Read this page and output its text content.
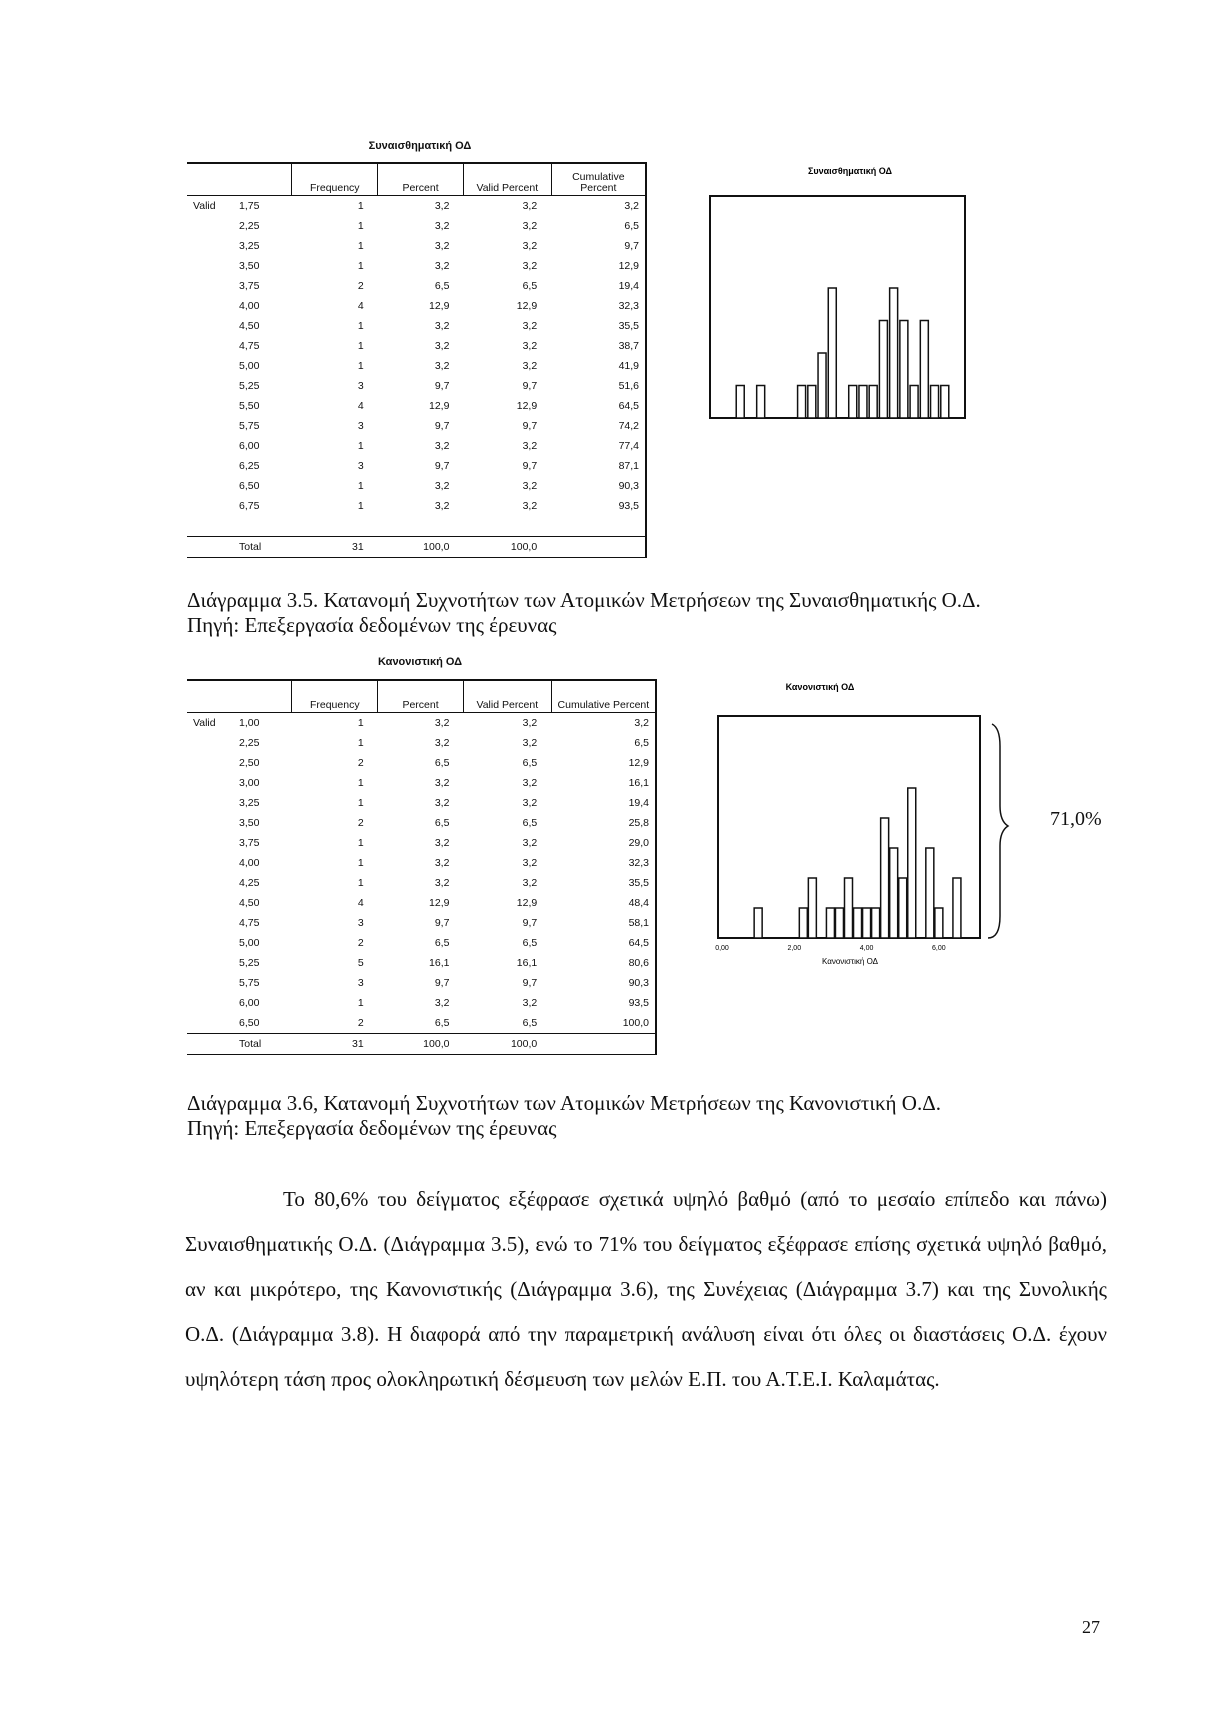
Συναισθηματική ΟΔ
	Frequency	Percent	Valid Percent	Cumulative Percent
Valid 1,75	1	3,2	3,2	3,2
2,25	1	3,2	3,2	6,5
3,25	1	3,2	3,2	9,7
3,50	1	3,2	3,2	12,9
3,75	2	6,5	6,5	19,4
4,00	4	12,9	12,9	32,3
4,50	1	3,2	3,2	35,5
4,75	1	3,2	3,2	38,7
5,00	1	3,2	3,2	41,9
5,25	3	9,7	9,7	51,6
5,50	4	12,9	12,9	64,5
5,75	3	9,7	9,7	74,2
6,00	1	3,2	3,2	77,4
6,25	3	9,7	9,7	87,1
6,50	1	3,2	3,2	90,3
6,75	1	3,2	3,2	93,5

Total	31	100,0	100,0	
Συναισθηματική ΟΔ
Διάγραμμα 3.5. Κατανομή Συχνοτήτων των Ατομικών Μετρήσεων της Συναισθηματικής Ο.Δ.
Πηγή: Επεξεργασία δεδομένων της έρευνας
Κανονιστική ΟΔ
	Frequency	Percent	Valid Percent	Cumulative Percent
Valid 1,00	1	3,2	3,2	3,2
2,25	1	3,2	3,2	6,5
2,50	2	6,5	6,5	12,9
3,00	1	3,2	3,2	16,1
3,25	1	3,2	3,2	19,4
3,50	2	6,5	6,5	25,8
3,75	1	3,2	3,2	29,0
4,00	1	3,2	3,2	32,3
4,25	1	3,2	3,2	35,5
4,50	4	12,9	12,9	48,4
4,75	3	9,7	9,7	58,1
5,00	2	6,5	6,5	64,5
5,25	5	16,1	16,1	80,6
5,75	3	9,7	9,7	90,3
6,00	1	3,2	3,2	93,5
6,50	2	6,5	6,5	100,0
Total	31	100,0	100,0	
Κανονιστική ΟΔ
0,00	2,00	4,00	6,00
Κανονιστική ΟΔ
71,0%
Διάγραμμα 3.6, Κατανομή Συχνοτήτων των Ατομικών Μετρήσεων της Κανονιστική Ο.Δ.
Πηγή: Επεξεργασία δεδομένων της έρευνας
Το 80,6% του δείγματος εξέφρασε σχετικά υψηλό βαθμό (από το μεσαίο επίπεδο και πάνω) Συναισθηματικής Ο.Δ. (Διάγραμμα 3.5), ενώ το 71% του δείγματος εξέφρασε επίσης σχετικά υψηλό βαθμό, αν και μικρότερο, της Κανονιστικής (Διάγραμμα 3.6), της Συνέχειας (Διάγραμμα 3.7) και της Συνολικής Ο.Δ. (Διάγραμμα 3.8). Η διαφορά από την παραμετρική ανάλυση είναι ότι όλες οι διαστάσεις Ο.Δ. έχουν υψηλότερη τάση προς ολοκληρωτική δέσμευση των μελών Ε.Π. του Α.Τ.Ε.Ι. Καλαμάτας.
27
